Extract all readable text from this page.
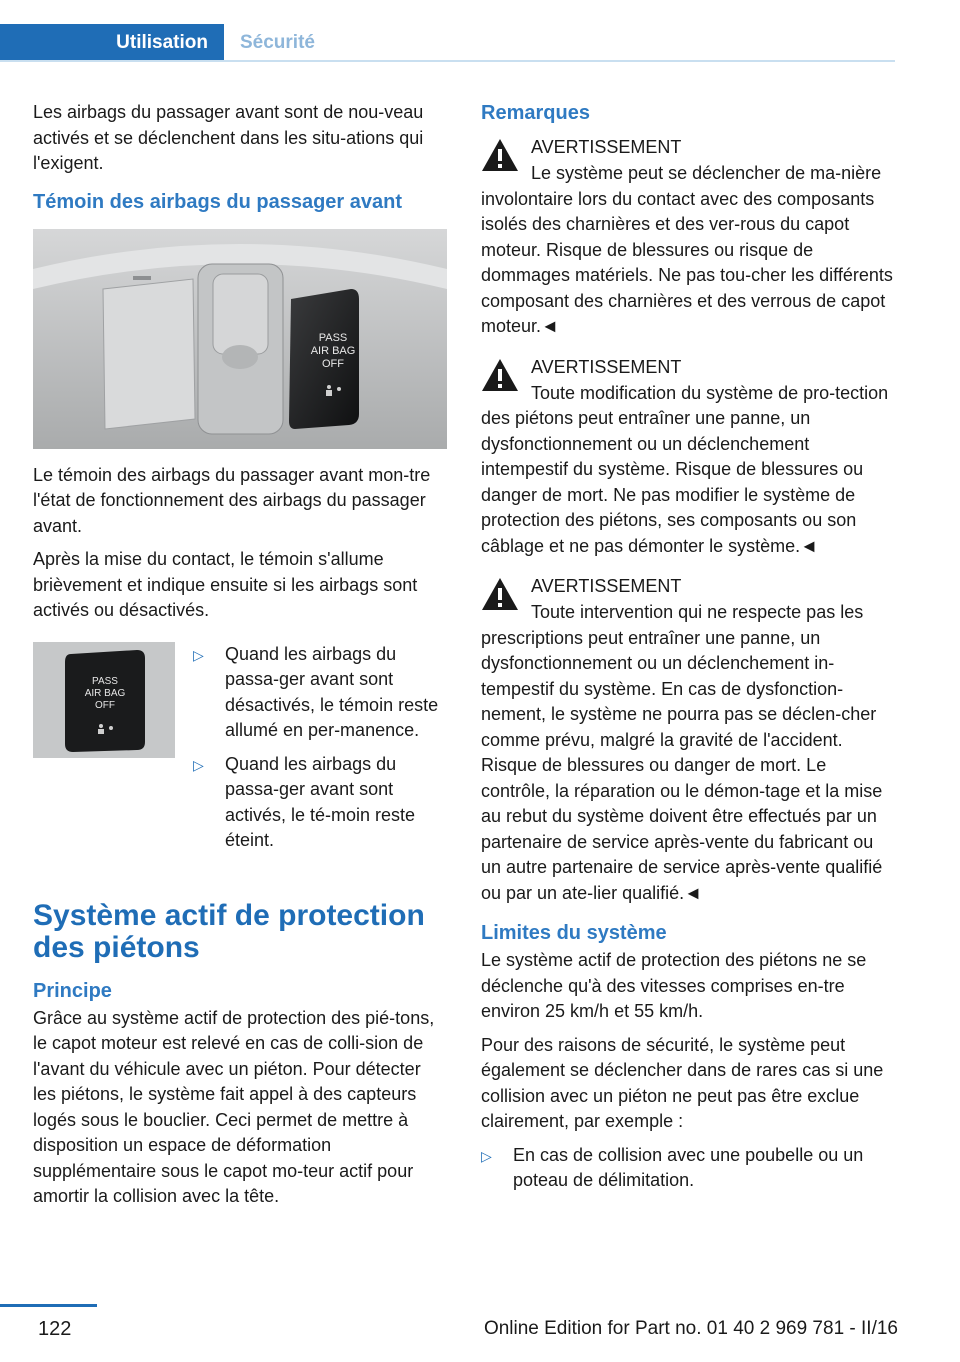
Utilisation	Sécurité

Les airbags du passager avant sont de nou-veau activés et se déclenchent dans les situ-ations qui l'exigent.

Témoin des airbags du passager avant

PASS
AIR BAG
OFF

Le témoin des airbags du passager avant mon-tre l'état de fonctionnement des airbags du passager avant.

Après la mise du contact, le témoin s'allume brièvement et indique ensuite si les airbags sont activés ou désactivés.

PASS
AIR BAG
OFF
▷ Quand les airbags du passa-ger avant sont désactivés, le témoin reste allumé en per-manence.
▷ Quand les airbags du passa-ger avant sont activés, le té-moin reste éteint.

Système actif de protection des piétons

Principe

Grâce au système actif de protection des pié-tons, le capot moteur est relevé en cas de colli-sion de l'avant du véhicule avec un piéton. Pour détecter les piétons, le système fait appel à des capteurs logés sous le bouclier. Ceci permet de mettre à disposition un espace de déformation supplémentaire sous le capot mo-teur actif pour amortir la collision avec la tête.

Remarques

AVERTISSEMENT

Le système peut se déclencher de ma-nière involontaire lors du contact avec des composants isolés des charnières et des ver-rous du capot moteur. Risque de blessures ou risque de dommages matériels. Ne pas tou-cher les différents composant des charnières et des verrous de capot moteur.◄

AVERTISSEMENT

Toute modification du système de pro-tection des piétons peut entraîner une panne, un dysfonctionnement ou un déclenchement intempestif du système. Risque de blessures ou danger de mort. Ne pas modifier le système de protection des piétons, ses composants ou son câblage et ne pas démonter le système.◄

AVERTISSEMENT

Toute intervention qui ne respecte pas les prescriptions peut entraîner une panne, un dysfonctionnement ou un déclenchement in-tempestif du système. En cas de dysfonction-nement, le système ne pourra pas se déclen-cher comme prévu, malgré la gravité de l'accident. Risque de blessures ou danger de mort. Le contrôle, la réparation ou le démon-tage et la mise au rebut du système doivent être effectués par un partenaire de service après-vente du fabricant ou un autre partenaire de service après-vente qualifié ou par un ate-lier qualifié.◄

Limites du système

Le système actif de protection des piétons ne se déclenche qu'à des vitesses comprises en-tre environ 25 km/h et 55 km/h.

Pour des raisons de sécurité, le système peut également se déclencher dans de rares cas si une collision avec un piéton ne peut pas être exclue clairement, par exemple :

▷ En cas de collision avec une poubelle ou un poteau de délimitation.
122	Online Edition for Part no. 01 40 2 969 781 - II/16
